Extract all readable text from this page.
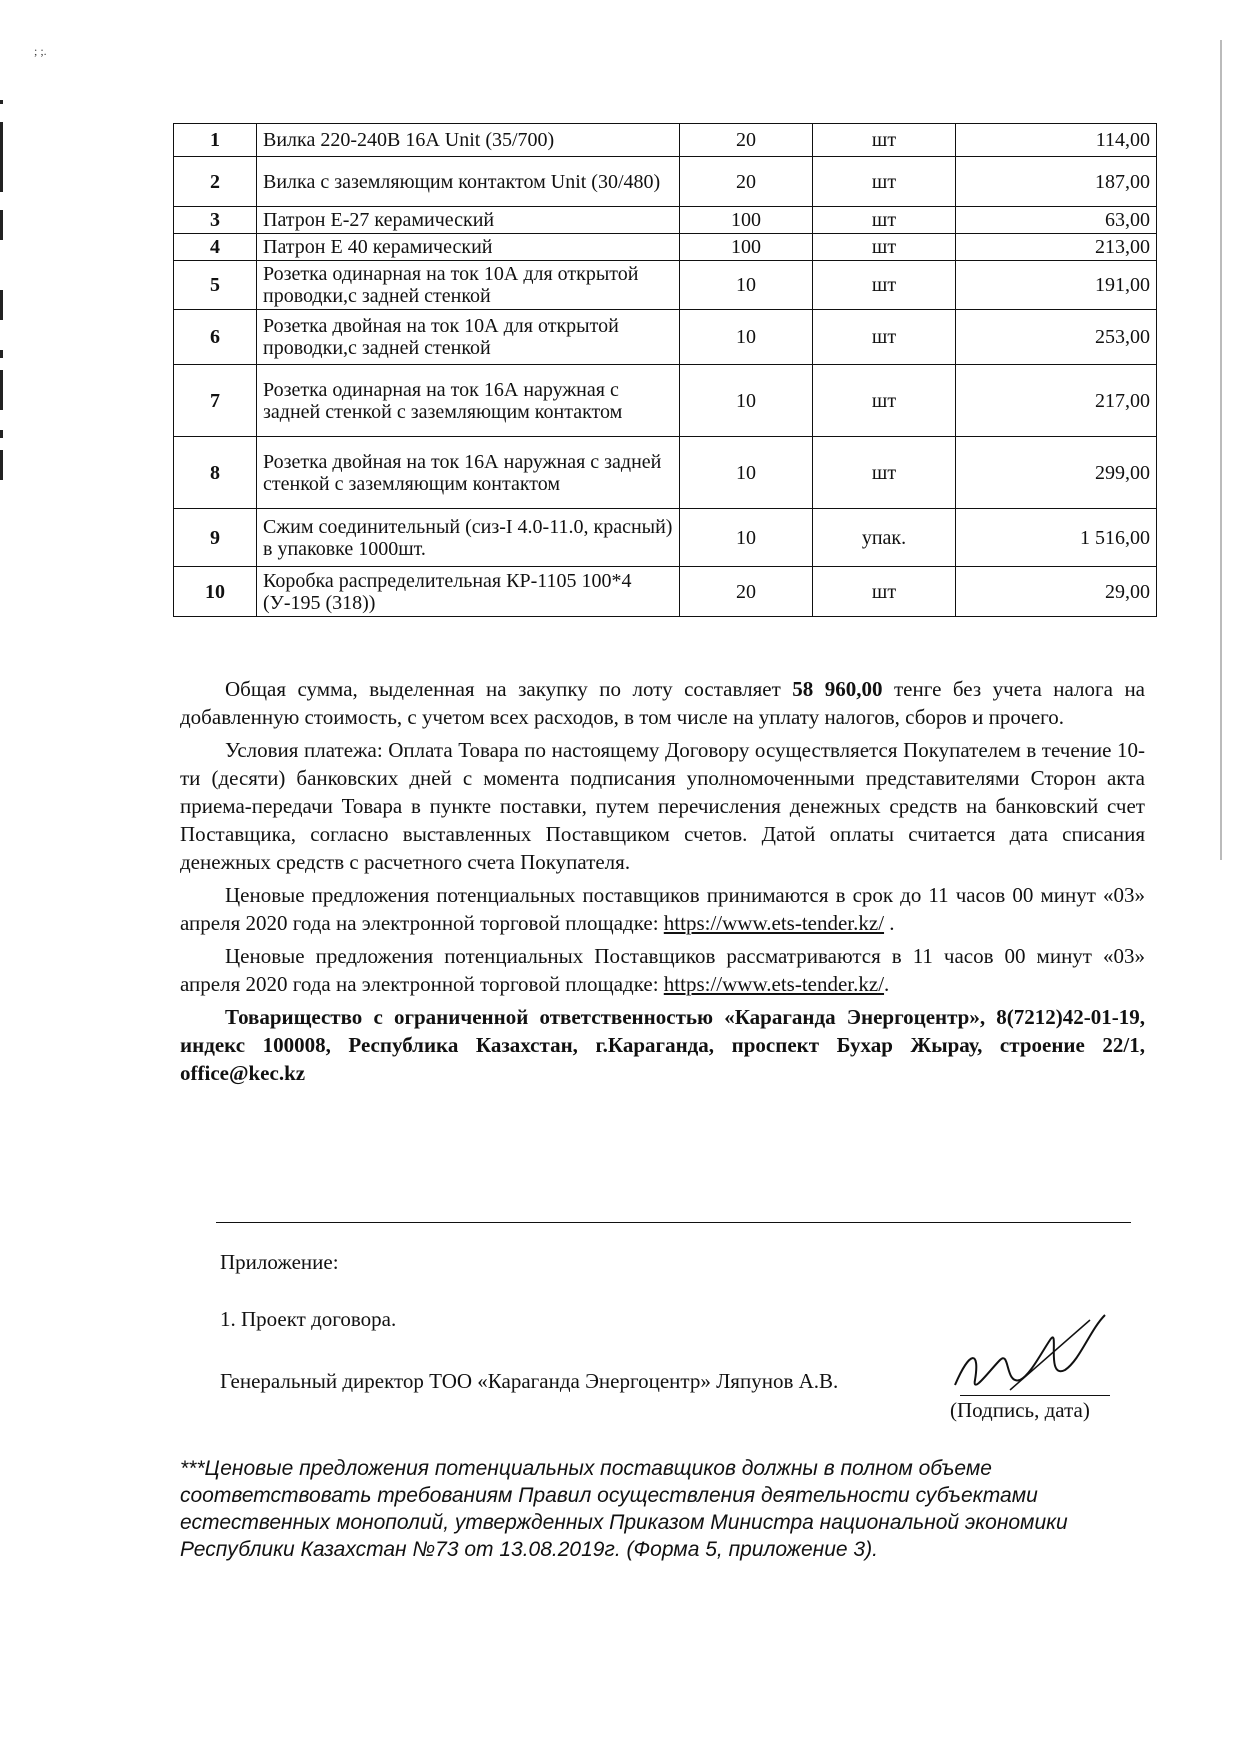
; ;.
1	Вилка 220-240В 16А Unit (35/700)	20	шт	114,00
2	Вилка с заземляющим контактом Unit (30/480)	20	шт	187,00
3	Патрон Е-27 керамический	100	шт	63,00
4	Патрон Е 40 керамический	100	шт	213,00
5	Розетка одинарная на ток 10А для открытой проводки,с задней стенкой	10	шт	191,00
6	Розетка двойная на ток 10А для открытой проводки,с задней стенкой	10	шт	253,00
7	Розетка одинарная на ток 16А наружная с задней стенкой с заземляющим контактом	10	шт	217,00
8	Розетка двойная на ток 16А наружная с задней стенкой с заземляющим контактом	10	шт	299,00
9	Сжим соединительный (сиз-I 4.0-11.0, красный) в упаковке 1000шт.	10	упак.	1 516,00
10	Коробка распределительная КР-1105 100*4 (У-195 (318))	20	шт	29,00

Общая сумма, выделенная на закупку по лоту составляет 58 960,00 тенге без учета налога на добавленную стоимость, с учетом всех расходов, в том числе на уплату налогов, сборов и прочего.

Условия платежа: Оплата Товара по настоящему Договору осуществляется Покупателем в течение 10-ти (десяти) банковских дней с момента подписания уполномоченными представителями Сторон акта приема-передачи Товара в пункте поставки, путем перечисления денежных средств на банковский счет Поставщика, согласно выставленных Поставщиком счетов. Датой оплаты считается дата списания денежных средств с расчетного счета Покупателя.

Ценовые предложения потенциальных поставщиков принимаются в срок до 11 часов 00 минут «03» апреля 2020 года на электронной торговой площадке: https://www.ets-tender.kz/ .

Ценовые предложения потенциальных Поставщиков рассматриваются в 11 часов 00 минут «03» апреля 2020 года на электронной торговой площадке: https://www.ets-tender.kz/.

Товарищество с ограниченной ответственностью «Караганда Энергоцентр», 8(7212)42-01-19, индекс 100008, Республика Казахстан, г.Караганда, проспект Бухар Жырау, строение 22/1, office@kec.kz

Приложение:
1. Проект договора.
Генеральный директор ТОО «Караганда Энергоцентр» Ляпунов А.В.
(Подпись, дата)
***Ценовые предложения потенциальных поставщиков должны в полном объеме соответствовать требованиям Правил осуществления деятельности субъектами естественных монополий, утвержденных Приказом Министра национальной экономики Республики Казахстан №73 от 13.08.2019г. (Форма 5, приложение 3).
